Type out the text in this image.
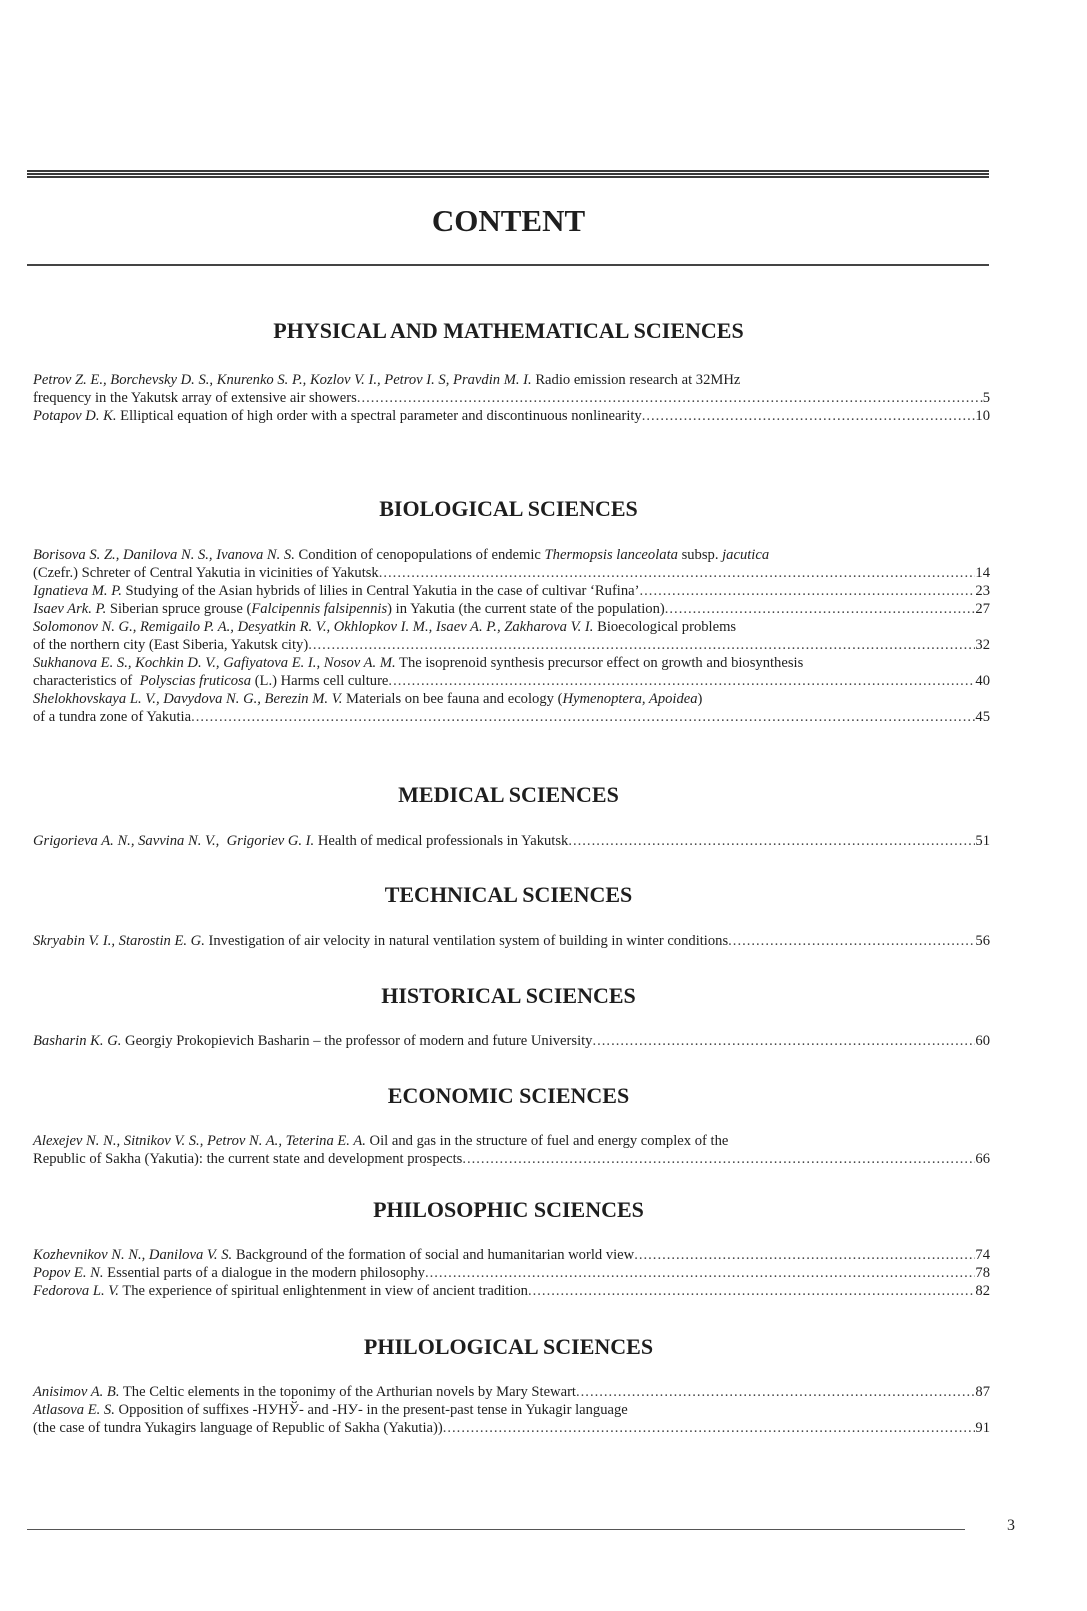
CONTENT
PHYSICAL AND MATHEMATICAL SCIENCES
Petrov Z. E., Borchevsky D. S., Knurenko S. P., Kozlov V. I., Petrov I. S, Pravdin M. I. Radio emission research at 32MHz
frequency in the Yakutsk array of extensive air showers .....	5
Potapov D. K. Elliptical equation of high order with a spectral parameter and discontinuous nonlinearity .....	10
BIOLOGICAL SCIENCES
Borisova S. Z., Danilova N. S., Ivanova N. S. Condition of cenopopulations of endemic Thermopsis lanceolata subsp. jacutica
(Czefr.) Schreter of Central Yakutia in vicinities of Yakutsk .....	14
Ignatieva M. P. Studying of the Asian hybrids of lilies in Central Yakutia in the case of cultivar ‘Rufina’ .....	23
Isaev Ark. P. Siberian spruce grouse (Falcipennis falsipennis) in Yakutia (the current state of the population) .....	27
Solomonov N. G., Remigailo P. A., Desyatkin R. V., Okhlopkov I. M., Isaev A. P., Zakharova V. I. Bioecological problems
of the northern city (East Siberia, Yakutsk city) .....	32
Sukhanova E. S., Kochkin D. V., Gafiyatova E. I., Nosov A. M. The isoprenoid synthesis precursor effect on growth and biosynthesis
characteristics of  Polyscias fruticosa (L.) Harms cell culture .....	40
Shelokhovskaya L. V., Davydova N. G., Berezin M. V. Materials on bee fauna and ecology (Hymenoptera, Apoidea)
of a tundra zone of Yakutia .....	45
MEDICAL SCIENCES
Grigorieva A. N., Savvina N. V.,  Grigoriev G. I. Health of medical professionals in Yakutsk .....	51
TECHNICAL SCIENCES
Skryabin V. I., Starostin E. G. Investigation of air velocity in natural ventilation system of building in winter conditions .....	56
HISTORICAL SCIENCES
Basharin K. G. Georgiy Prokopievich Basharin – the professor of modern and future University .....	60
ECONOMIC SCIENCES
Alexejev N. N., Sitnikov V. S., Petrov N. A., Teterina E. A. Oil and gas in the structure of fuel and energy complex of the
Republic of Sakha (Yakutia): the current state and development prospects .....	66
PHILOSOPHIC SCIENCES
Kozhevnikov N. N., Danilova V. S. Background of the formation of social and humanitarian world view .....	74
Popov E. N. Essential parts of a dialogue in the modern philosophy .....	78
Fedorova L. V. The experience of spiritual enlightenment in view of ancient tradition .....	82
PHILOLOGICAL SCIENCES
Anisimov A. B. The Celtic elements in the toponimy of the Arthurian novels by Mary Stewart .....	87
Atlasova E. S. Opposition of suffixes -НУНЎ- and -НУ- in the present-past tense in Yukagir language
(the case of tundra Yukagirs language of Republic of Sakha (Yakutia)) .....	91
3
